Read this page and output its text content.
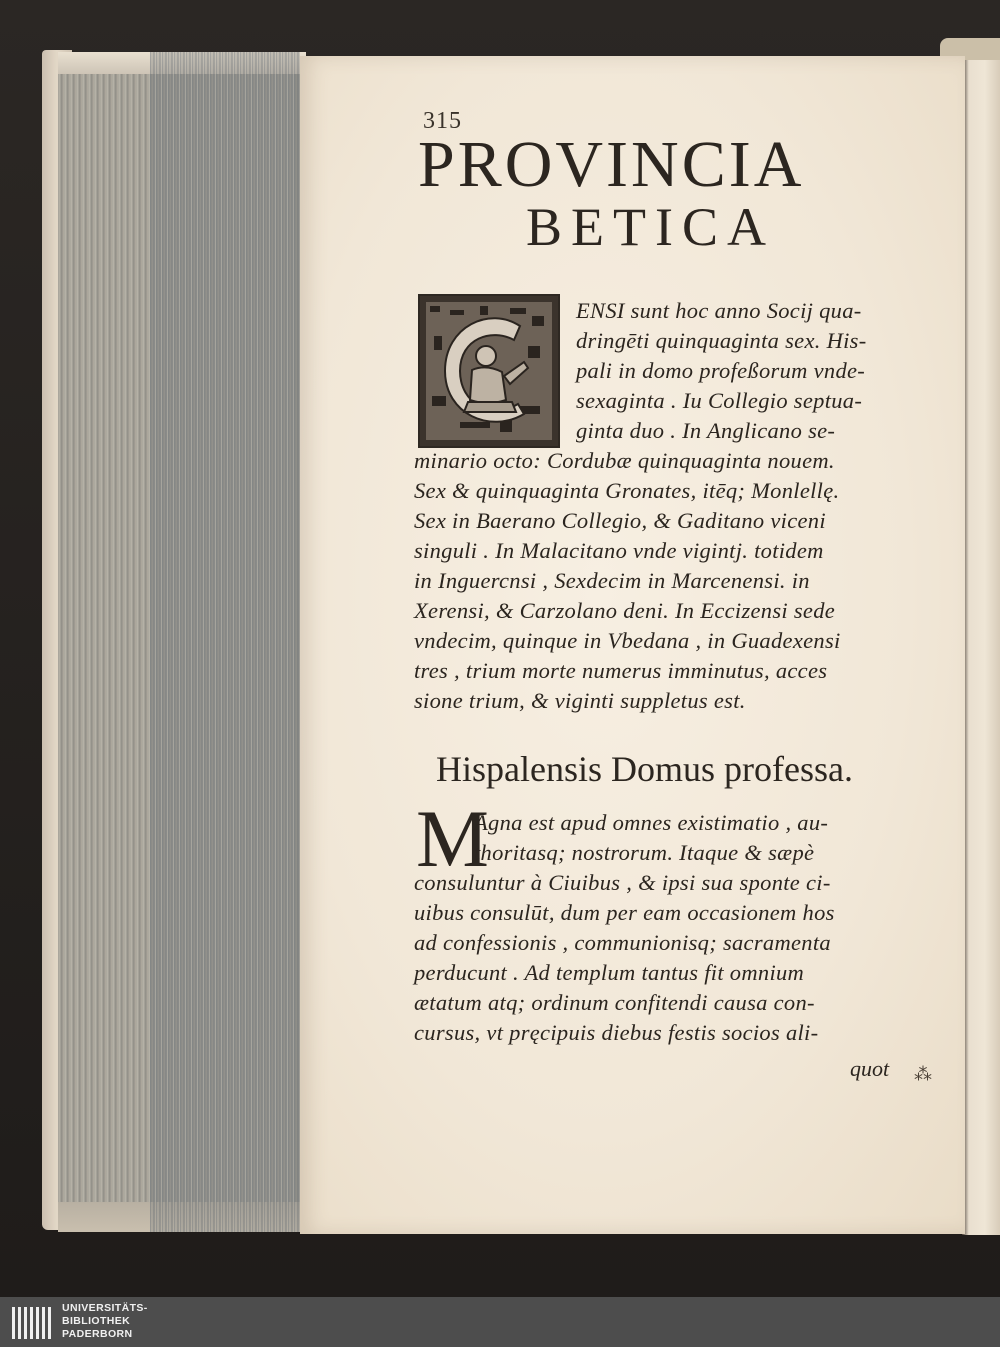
315
PROVINCIA
BETICA
ENSI sunt hoc anno Socij qua-
dringēti quinquaginta sex. His-
pali in domo profeßorum vnde-
sexaginta . Iu Collegio septua-
ginta duo . In Anglicano se-
minario octo: Cordubæ quinquaginta nouem.
Sex & quinquaginta Gronates, itēq; Monlellę.
Sex in Baerano Collegio, & Gaditano viceni
singuli . In Malacitano vnde vigintj. totidem
in Inguercnsi , Sexdecim in Marcenensi. in
Xerensi, & Carzolano deni. In Eccizensi sede
vndecim, quinque in Vbedana , in Guadexensi
tres , trium morte numerus imminutus, acces
sione trium, & viginti suppletus est.
Hispalensis Domus professa.
M
Agna est apud omnes existimatio , au-
thoritasq; nostrorum. Itaque & sæpè
consuluntur à Ciuibus , & ipsi sua sponte ci-
uibus consulūt, dum per eam occasionem hos
ad confessionis , communionisq; sacramenta
perducunt . Ad templum tantus fit omnium
ætatum atq; ordinum confitendi causa con-
cursus, vt pręcipuis diebus festis socios ali-
quot ⁂
UNIVERSITÄTS-
BIBLIOTHEK
PADERBORN
